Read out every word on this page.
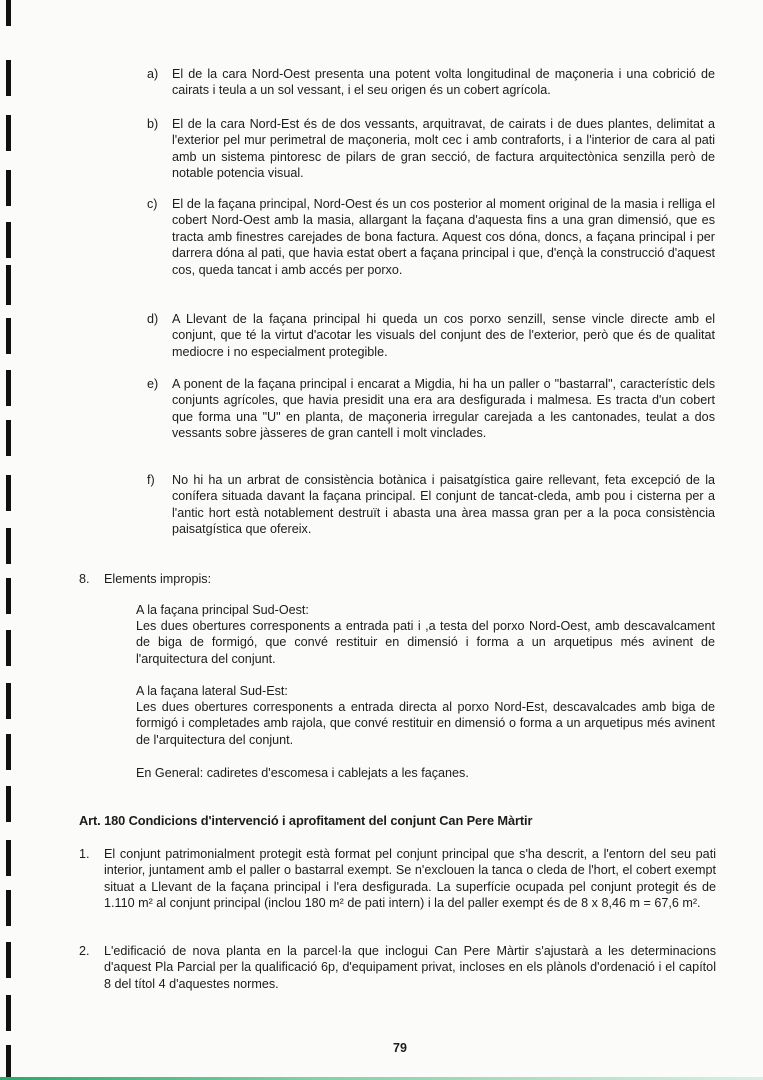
a) El de la cara Nord-Oest presenta una potent volta longitudinal de maçoneria i una cobrició de cairats i teula a un sol vessant, i el seu origen és un cobert agrícola.
b) El de la cara Nord-Est és de dos vessants, arquitravat, de cairats i de dues plantes, delimitat a l'exterior pel mur perimetral de maçoneria, molt cec i amb contraforts, i a l'interior de cara al pati amb un sistema pintoresc de pilars de gran secció, de factura arquitectònica senzilla però de notable potencia visual.
c) El de la façana principal, Nord-Oest és un cos posterior al moment original de la masia i relliga el cobert Nord-Oest amb la masia, allargant la façana d'aquesta fins a una gran dimensió, que es tracta amb finestres carejades de bona factura. Aquest cos dóna, doncs, a façana principal i per darrera dóna al pati, que havia estat obert a façana principal i que, d'ençà la construcció d'aquest cos, queda tancat i amb accés per porxo.
d) A Llevant de la façana principal hi queda un cos porxo senzill, sense vincle directe amb el conjunt, que té la virtut d'acotar les visuals del conjunt des de l'exterior, però que és de qualitat mediocre i no especialment protegible.
e) A ponent de la façana principal i encarat a Migdia, hi ha un paller o "bastarral", característic dels conjunts agrícoles, que havia presidit una era ara desfigurada i malmesa. Es tracta d'un cobert que forma una "U" en planta, de maçoneria irregular carejada a les cantonades, teulat a dos vessants sobre jàsseres de gran cantell i molt vinclades.
f) No hi ha un arbrat de consistència botànica i paisatgística gaire rellevant, feta excepció de la conífera situada davant la façana principal. El conjunt de tancat-cleda, amb pou i cisterna per a l'antic hort està notablement destruït i abasta una àrea massa gran per a la poca consistència paisatgística que ofereix.
8. Elements impropis:
A la façana principal Sud-Oest:
Les dues obertures corresponents a entrada pati i ,a testa del porxo Nord-Oest, amb descavalcament de biga de formigó, que convé restituir en dimensió i forma a un arquetipus més avinent de l'arquitectura del conjunt.
A la façana lateral Sud-Est:
Les dues obertures corresponents a entrada directa al porxo Nord-Est, descavalcades amb biga de formigó i completades amb rajola, que convé restituir en dimensió o forma a un arquetipus més avinent de l'arquitectura del conjunt.
En General: cadiretes d'escomesa i cablejats a les façanes.
Art. 180 Condicions d'intervenció i aprofitament del conjunt Can Pere Màrtir
1. El conjunt patrimonialment protegit està format pel conjunt principal que s'ha descrit, a l'entorn del seu pati interior, juntament amb el paller o bastarral exempt. Se n'exclouen la tanca o cleda de l'hort, el cobert exempt situat a Llevant de la façana principal i l'era desfigurada. La superfície ocupada pel conjunt protegit és de 1.110 m² al conjunt principal (inclou 180 m² de pati intern) i la del paller exempt és de 8 x 8,46 m = 67,6 m².
2. L'edificació de nova planta en la parcel·la que inclogui Can Pere Màrtir s'ajustarà a les determinacions d'aquest Pla Parcial per la qualificació 6p, d'equipament privat, incloses en els plànols d'ordenació i el capítol 8 del títol 4 d'aquestes normes.
79
